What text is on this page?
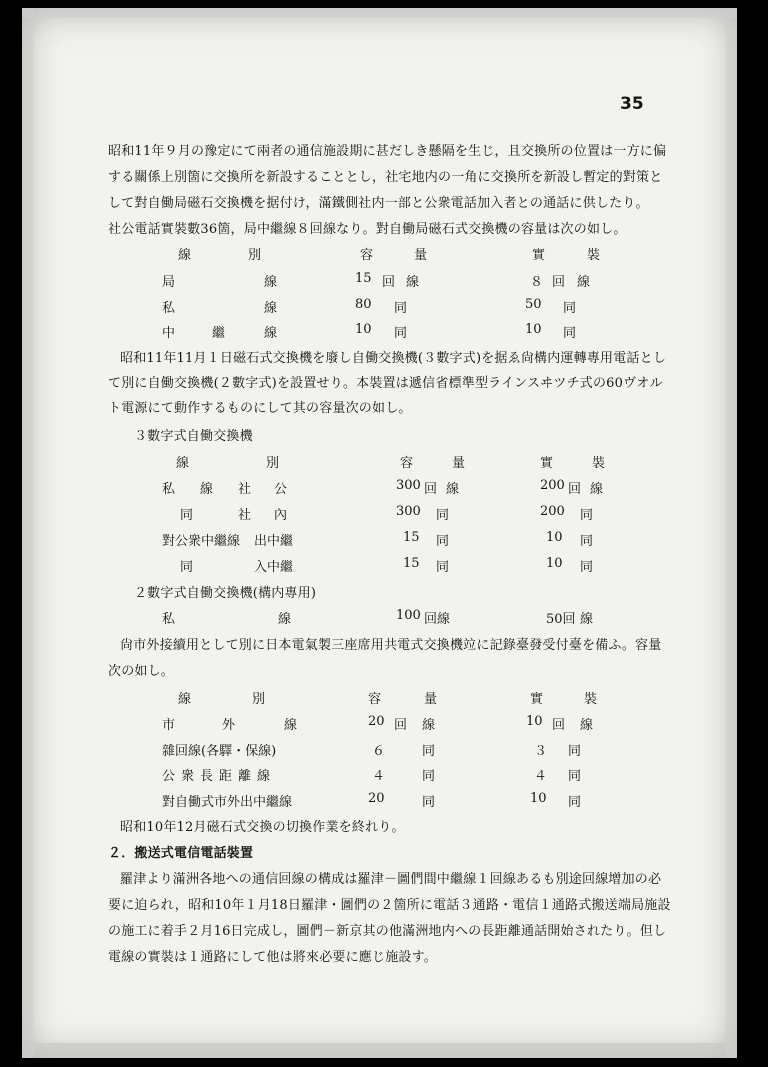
35
昭和11年９月の豫定にて兩者の通信施設期に甚だしき懸隔を生じ，且交換所の位置は一方に偏
する關係上別箇に交換所を新設することとし，社宅地内の一角に交換所を新設し暫定的對策と
して對自働局磁石交換機を据付け，滿鐵側社内一部と公衆電話加入者との通話に供したり。
社公電話實裝數36箇，局中繼線８回線なり。對自働局磁石式交換機の容量は次の如し。
線	別	容	量	實	裝
局	線	15 回 線	８ 回 線
私	線	80 同	50 同
中	繼	線	10 同	10 同
昭和11年11月１日磁石式交換機を廢し自働交換機(３數字式)を据ゑ尙構内運轉專用電話とし
て別に自働交換機(２數字式)を設置せり。本裝置は遞信省標準型ラインスヰツチ式の60ヴオル
ト電源にて動作するものにして其の容量次の如し。
３數字式自働交換機
線	別	容	量	實	裝
私 線 社 公	300 回 線	200 回 線
同	社 內	300 同	200 同
對公衆中繼線 出中繼	15 同	10 同
同	入中繼	15 同	10 同
２數字式自働交換機(構内專用)
私	線	100 回線	50回 線
尙市外接續用として別に日本電氣製三座席用共電式交換機竝に記錄臺發受付臺を備ふ。容量
次の如し。
線	別	容	量	實	裝
市	外	線	20 回 線	10 回 線
雜回線(各驛・保線)	６	同	３ 同
公衆長距離線	４	同	４ 同
對自働式市外出中繼線	20	同	10 同
昭和10年12月磁石式交換の切換作業を終れり。
２．搬送式電信電話裝置
羅津より滿洲各地への通信回線の構成は羅津－圖們間中繼線１回線あるも別途回線增加の必
要に迫られ，昭和10年１月18日羅津・圖們の２箇所に電話３通路・電信１通路式搬送端局施設
の施工に着手２月16日完成し，圖們－新京其の他滿洲地内への長距離通話開始されたり。但し
電線の實裝は１通路にして他は將來必要に應じ施設す。
